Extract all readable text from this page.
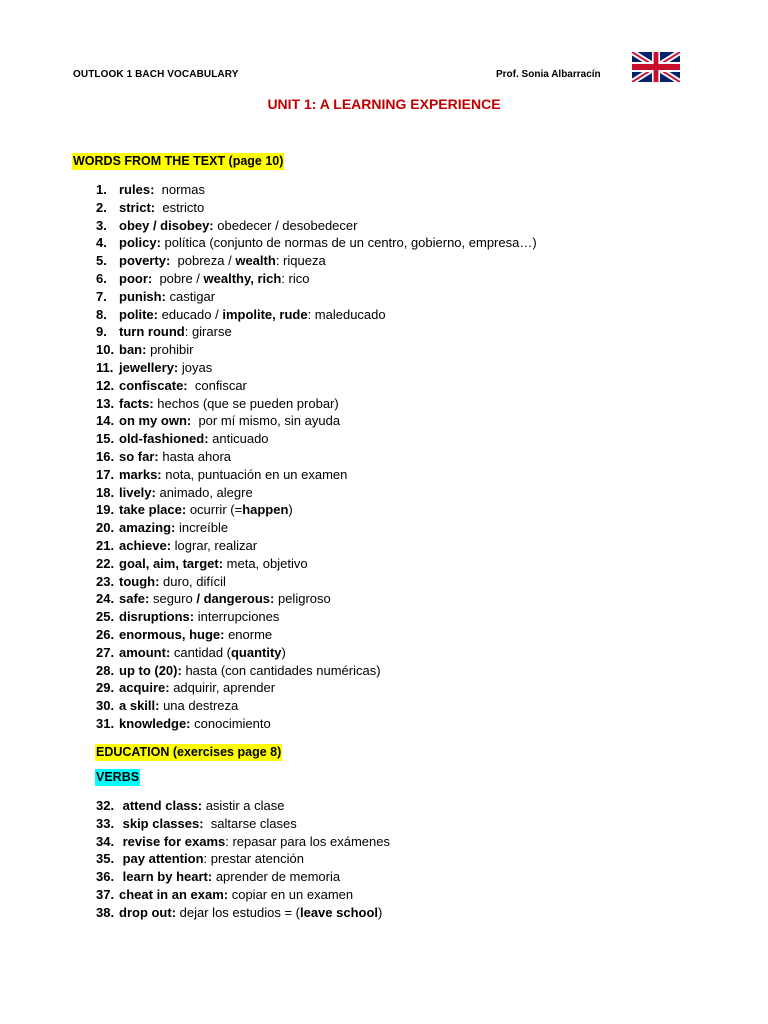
OUTLOOK 1 BACH VOCABULARY	Prof. Sonia Albarracín
UNIT 1: A LEARNING EXPERIENCE
WORDS FROM THE TEXT (page 10)
1. rules:  normas
2. strict:  estricto
3. obey / disobey: obedecer / desobedecer
4. policy: política (conjunto de normas de un centro, gobierno, empresa…)
5. poverty:  pobreza / wealth: riqueza
6. poor:  pobre / wealthy, rich: rico
7. punish: castigar
8. polite: educado / impolite, rude: maleducado
9. turn round: girarse
10. ban: prohibir
11. jewellery: joyas
12. confiscate:  confiscar
13. facts: hechos (que se pueden probar)
14. on my own:  por mí mismo, sin ayuda
15. old-fashioned: anticuado
16. so far: hasta ahora
17. marks: nota, puntuación en un examen
18. lively: animado, alegre
19. take place: ocurrir (=happen)
20. amazing: increíble
21. achieve: lograr, realizar
22. goal, aim, target: meta, objetivo
23. tough: duro, difícil
24. safe: seguro / dangerous: peligroso
25. disruptions: interrupciones
26. enormous, huge: enorme
27. amount: cantidad (quantity)
28. up to (20): hasta (con cantidades numéricas)
29. acquire: adquirir, aprender
30. a skill: una destreza
31. knowledge: conocimiento
EDUCATION (exercises page 8)
VERBS
32. attend class: asistir a clase
33. skip classes:  saltarse clases
34. revise for exams: repasar para los exámenes
35. pay attention: prestar atención
36. learn by heart: aprender de memoria
37. cheat in an exam: copiar en un examen
38. drop out: dejar los estudios = (leave school)
